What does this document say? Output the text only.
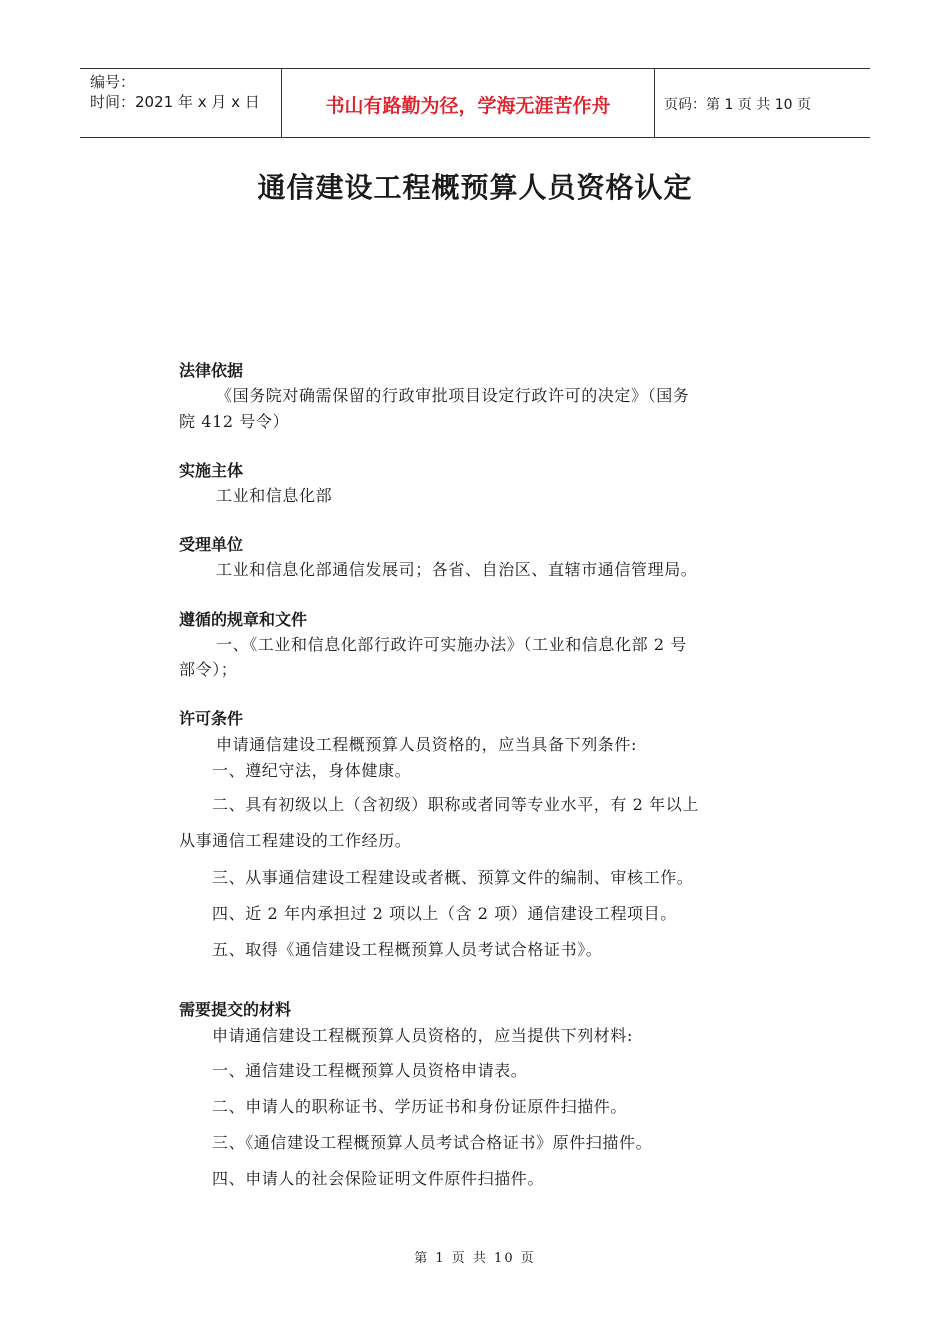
编号：
时间：2021 年 x 月 x 日	书山有路勤为径，学海无涯苦作舟	页码：第 1 页 共 10 页
通信建设工程概预算人员资格认定
法律依据
《国务院对确需保留的行政审批项目设定行政许可的决定》（国务
院 412 号令）
实施主体
工业和信息化部
受理单位
工业和信息化部通信发展司；各省、自治区、直辖市通信管理局。
遵循的规章和文件
一、《工业和信息化部行政许可实施办法》（工业和信息化部 2 号
部令）；
许可条件
申请通信建设工程概预算人员资格的，应当具备下列条件:
一、遵纪守法，身体健康。
二、具有初级以上（含初级）职称或者同等专业水平，有 2 年以上
从事通信工程建设的工作经历。
三、从事通信建设工程建设或者概、预算文件的编制、审核工作。
四、近 2 年内承担过 2 项以上（含 2 项）通信建设工程项目。
五、取得《通信建设工程概预算人员考试合格证书》。
需要提交的材料
申请通信建设工程概预算人员资格的，应当提供下列材料:
一、通信建设工程概预算人员资格申请表。
二、申请人的职称证书、学历证书和身份证原件扫描件。
三、《通信建设工程概预算人员考试合格证书》原件扫描件。
四、申请人的社会保险证明文件原件扫描件。
第 1 页 共 10 页
